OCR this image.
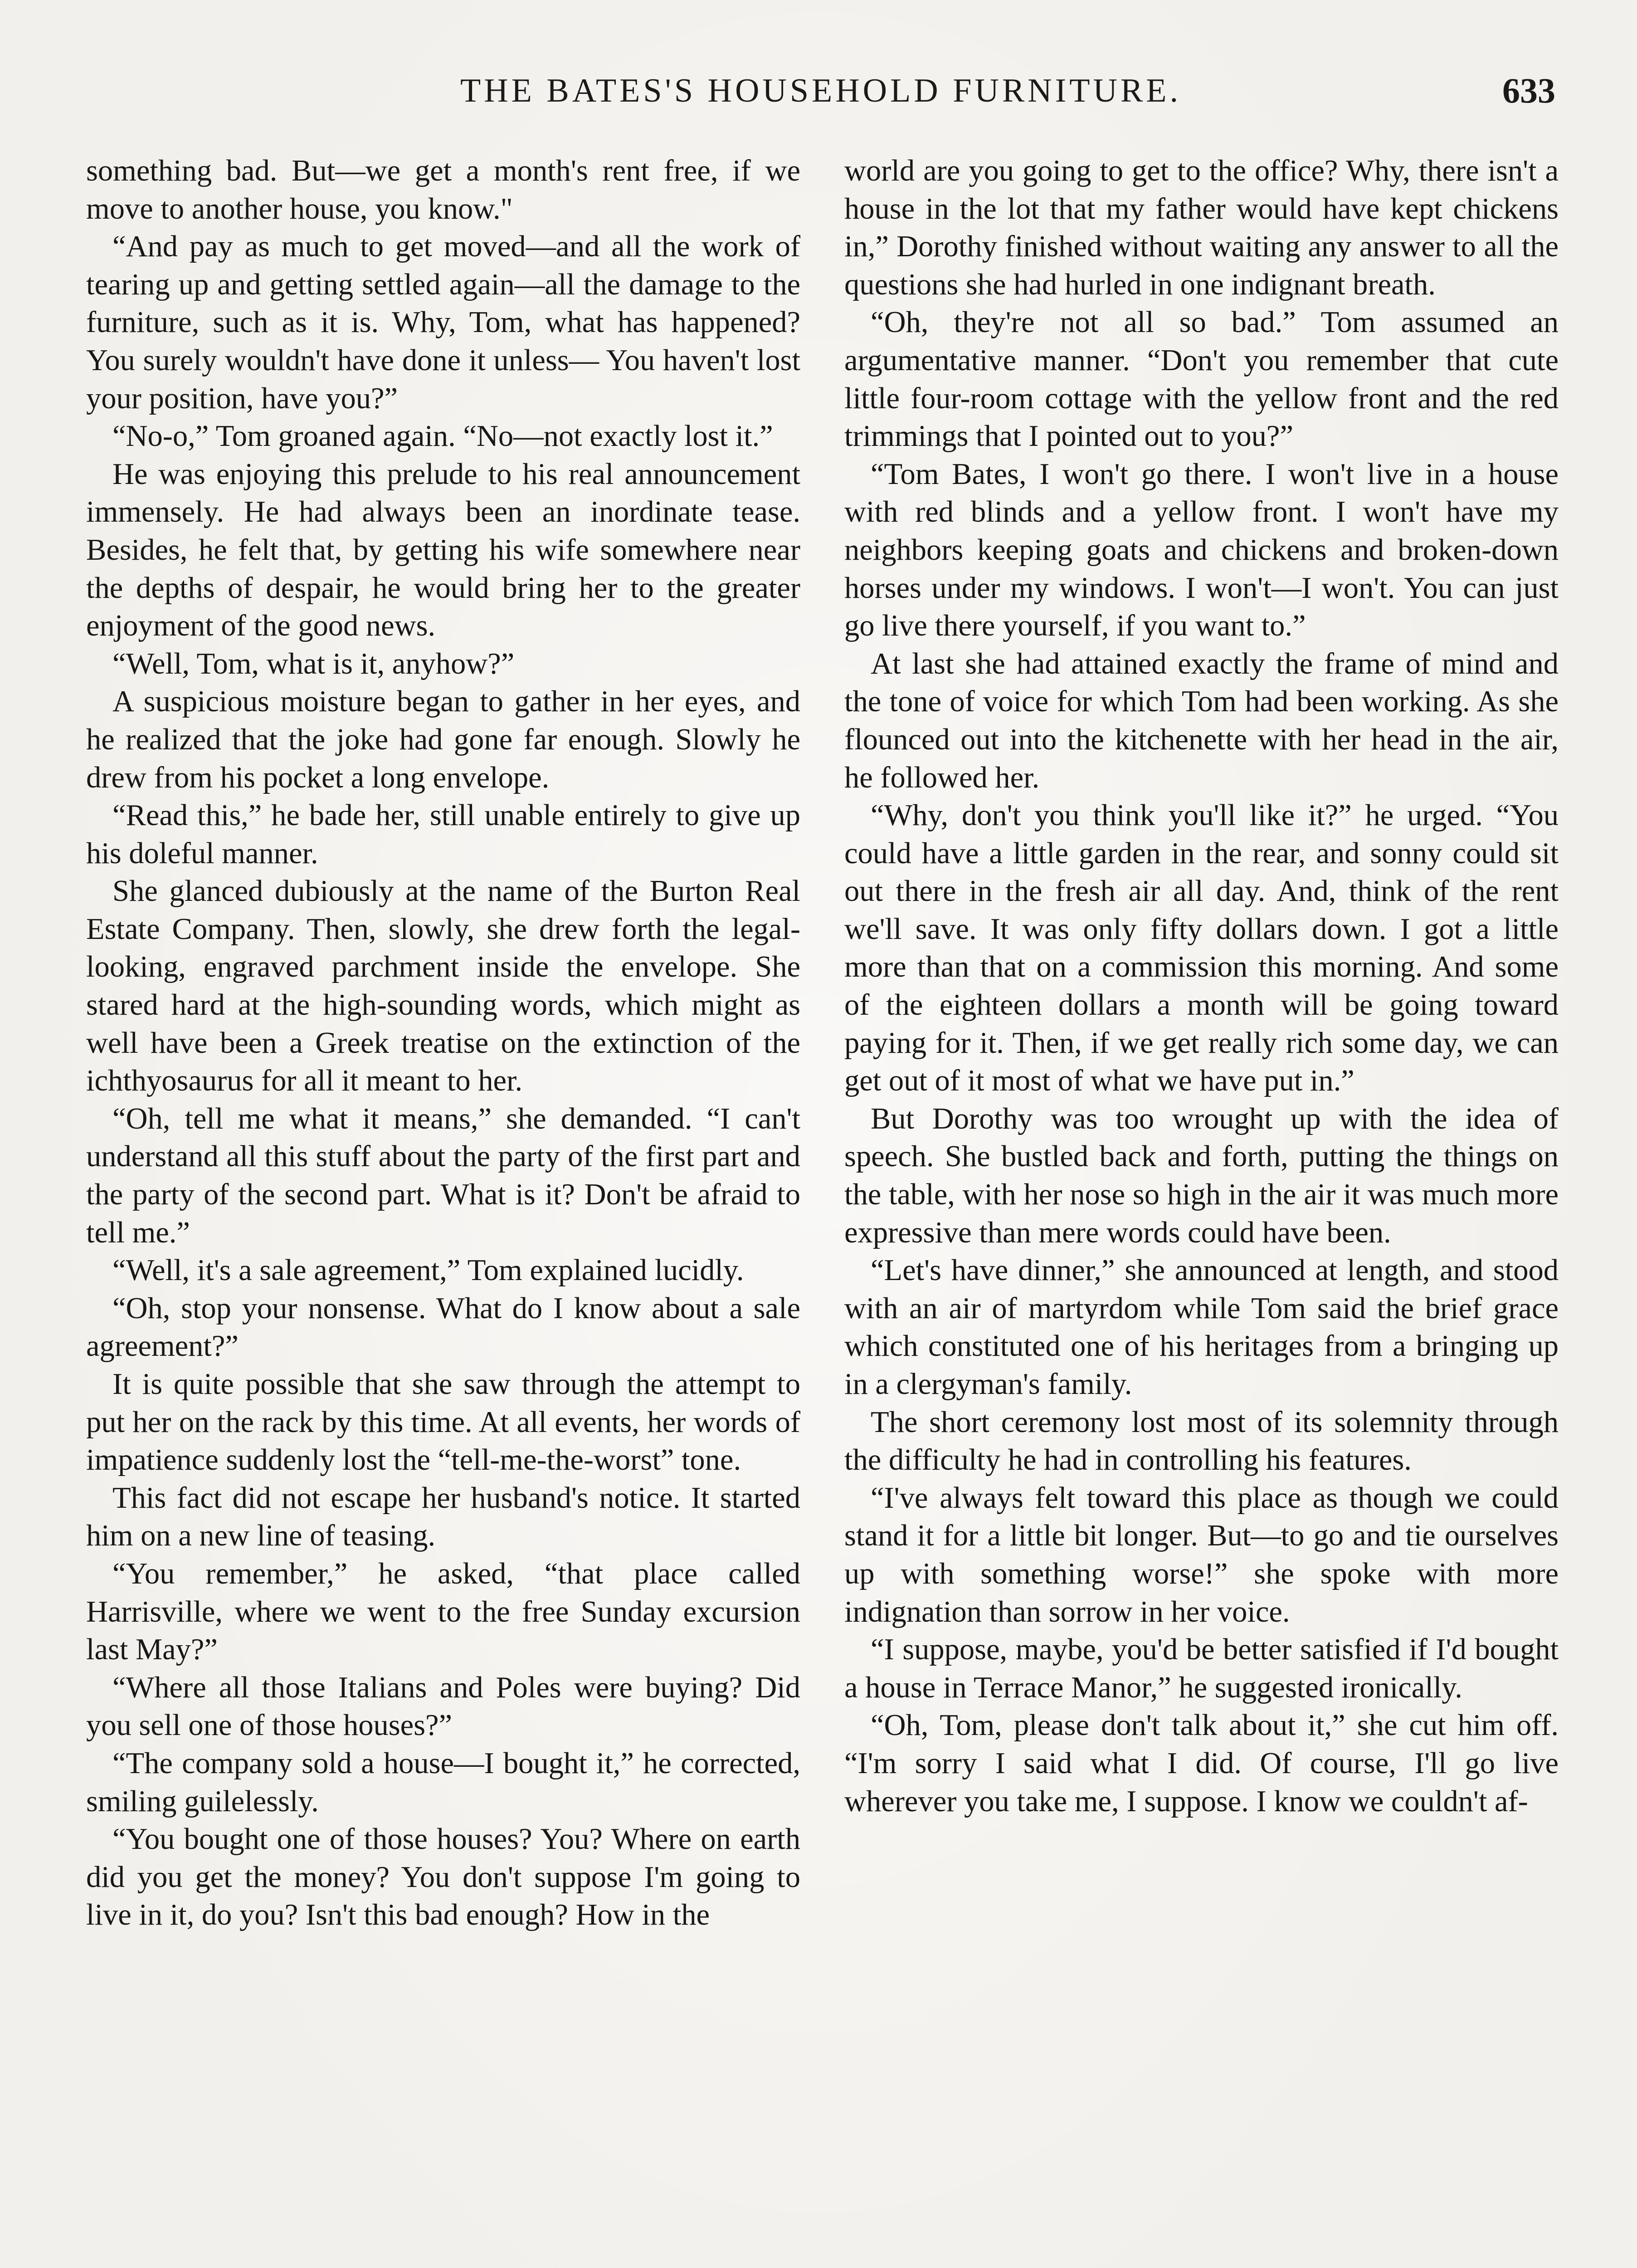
THE BATES'S HOUSEHOLD FURNITURE.	633

something bad. But—we get a month's rent free, if we move to another house, you know."

“And pay as much to get moved—and all the work of tearing up and getting settled again—all the damage to the furniture, such as it is. Why, Tom, what has happened? You surely wouldn't have done it unless— You haven't lost your position, have you?”

“No-o,” Tom groaned again. “No—not exactly lost it.”

He was enjoying this prelude to his real announcement immensely. He had always been an inordinate tease. Besides, he felt that, by getting his wife somewhere near the depths of despair, he would bring her to the greater enjoyment of the good news.

“Well, Tom, what is it, anyhow?”

A suspicious moisture began to gather in her eyes, and he realized that the joke had gone far enough. Slowly he drew from his pocket a long envelope.

“Read this,” he bade her, still unable entirely to give up his doleful manner.

She glanced dubiously at the name of the Burton Real Estate Company. Then, slowly, she drew forth the legal-looking, engraved parchment inside the envelope. She stared hard at the high-sounding words, which might as well have been a Greek treatise on the extinction of the ichthyosaurus for all it meant to her.

“Oh, tell me what it means,” she demanded. “I can't understand all this stuff about the party of the first part and the party of the second part. What is it? Don't be afraid to tell me.”

“Well, it's a sale agreement,” Tom explained lucidly.

“Oh, stop your nonsense. What do I know about a sale agreement?”

It is quite possible that she saw through the attempt to put her on the rack by this time. At all events, her words of impatience suddenly lost the “tell-me-the-worst” tone.

This fact did not escape her husband's notice. It started him on a new line of teasing.

“You remember,” he asked, “that place called Harrisville, where we went to the free Sunday excursion last May?”

“Where all those Italians and Poles were buying? Did you sell one of those houses?”

“The company sold a house—I bought it,” he corrected, smiling guilelessly.

“You bought one of those houses? You? Where on earth did you get the money? You don't suppose I'm going to live in it, do you? Isn't this bad enough? How in the

world are you going to get to the office? Why, there isn't a house in the lot that my father would have kept chickens in,” Dorothy finished without waiting any answer to all the questions she had hurled in one indignant breath.

“Oh, they're not all so bad.” Tom assumed an argumentative manner. “Don't you remember that cute little four-room cottage with the yellow front and the red trimmings that I pointed out to you?”

“Tom Bates, I won't go there. I won't live in a house with red blinds and a yellow front. I won't have my neighbors keeping goats and chickens and broken-down horses under my windows. I won't—I won't. You can just go live there yourself, if you want to.”

At last she had attained exactly the frame of mind and the tone of voice for which Tom had been working. As she flounced out into the kitchenette with her head in the air, he followed her.

“Why, don't you think you'll like it?” he urged. “You could have a little garden in the rear, and sonny could sit out there in the fresh air all day. And, think of the rent we'll save. It was only fifty dollars down. I got a little more than that on a commission this morning. And some of the eighteen dollars a month will be going toward paying for it. Then, if we get really rich some day, we can get out of it most of what we have put in.”

But Dorothy was too wrought up with the idea of speech. She bustled back and forth, putting the things on the table, with her nose so high in the air it was much more expressive than mere words could have been.

“Let's have dinner,” she announced at length, and stood with an air of martyrdom while Tom said the brief grace which constituted one of his heritages from a bringing up in a clergyman's family.

The short ceremony lost most of its solemnity through the difficulty he had in controlling his features.

“I've always felt toward this place as though we could stand it for a little bit longer. But—to go and tie ourselves up with something worse!” she spoke with more indignation than sorrow in her voice.

“I suppose, maybe, you'd be better satisfied if I'd bought a house in Terrace Manor,” he suggested ironically.

“Oh, Tom, please don't talk about it,” she cut him off. “I'm sorry I said what I did. Of course, I'll go live wherever you take me, I suppose. I know we couldn't af-
